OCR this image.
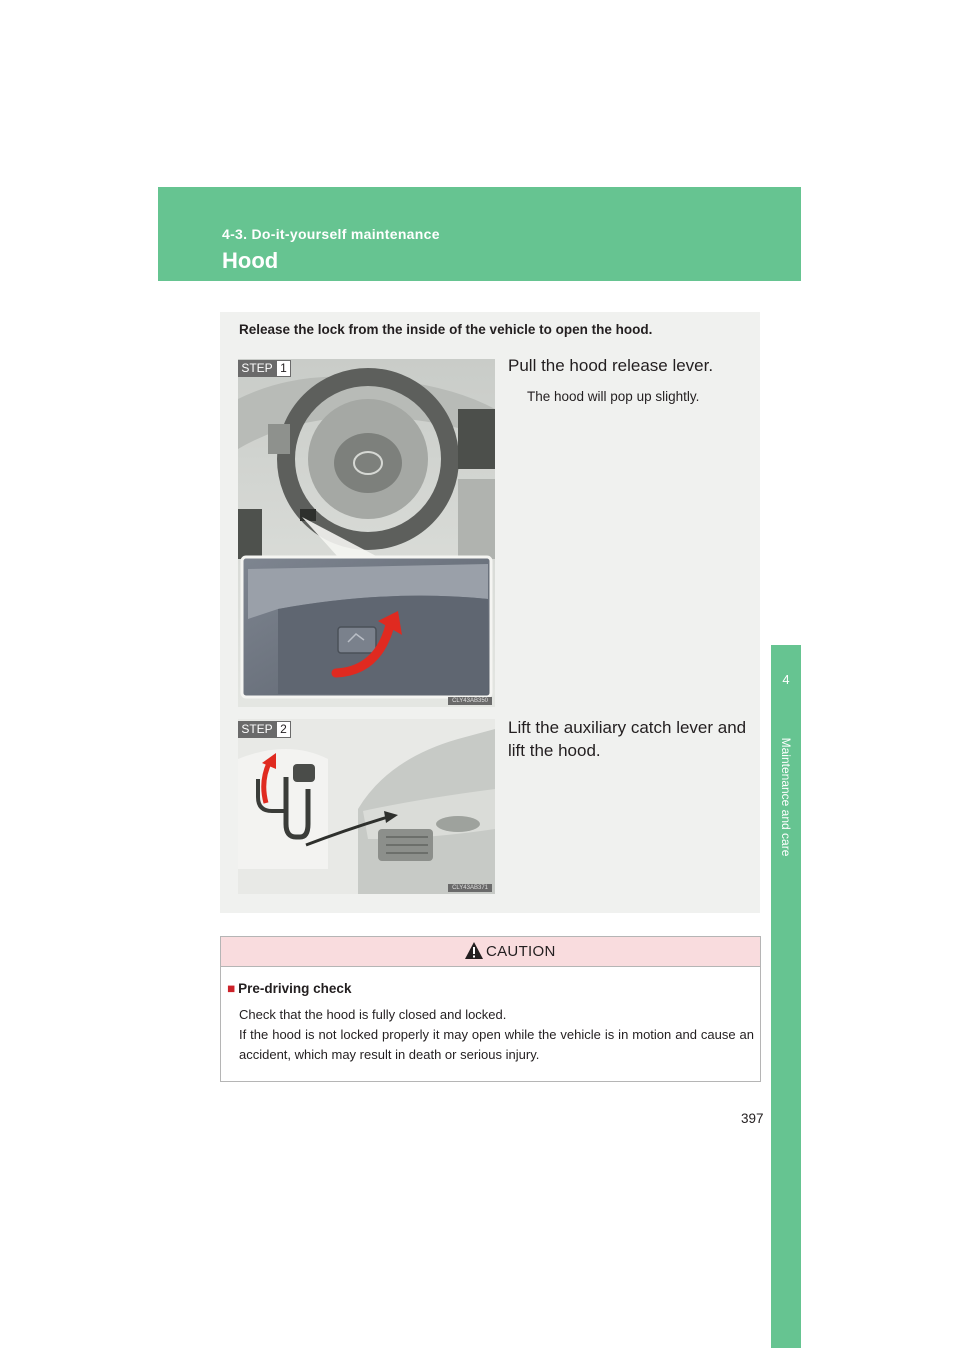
4-3. Do-it-yourself maintenance
Hood
4
Maintenance and care
Release the lock from the inside of the vehicle to open the hood.
STEP 1
CLY43AB350
Pull the hood release lever.
The hood will pop up slightly.
STEP 2
CLY43AB371
Lift the auxiliary catch lever and lift the hood.
CAUTION
■ Pre-driving check

Check that the hood is fully closed and locked.

If the hood is not locked properly it may open while the vehicle is in motion and cause an accident, which may result in death or serious injury.

397
